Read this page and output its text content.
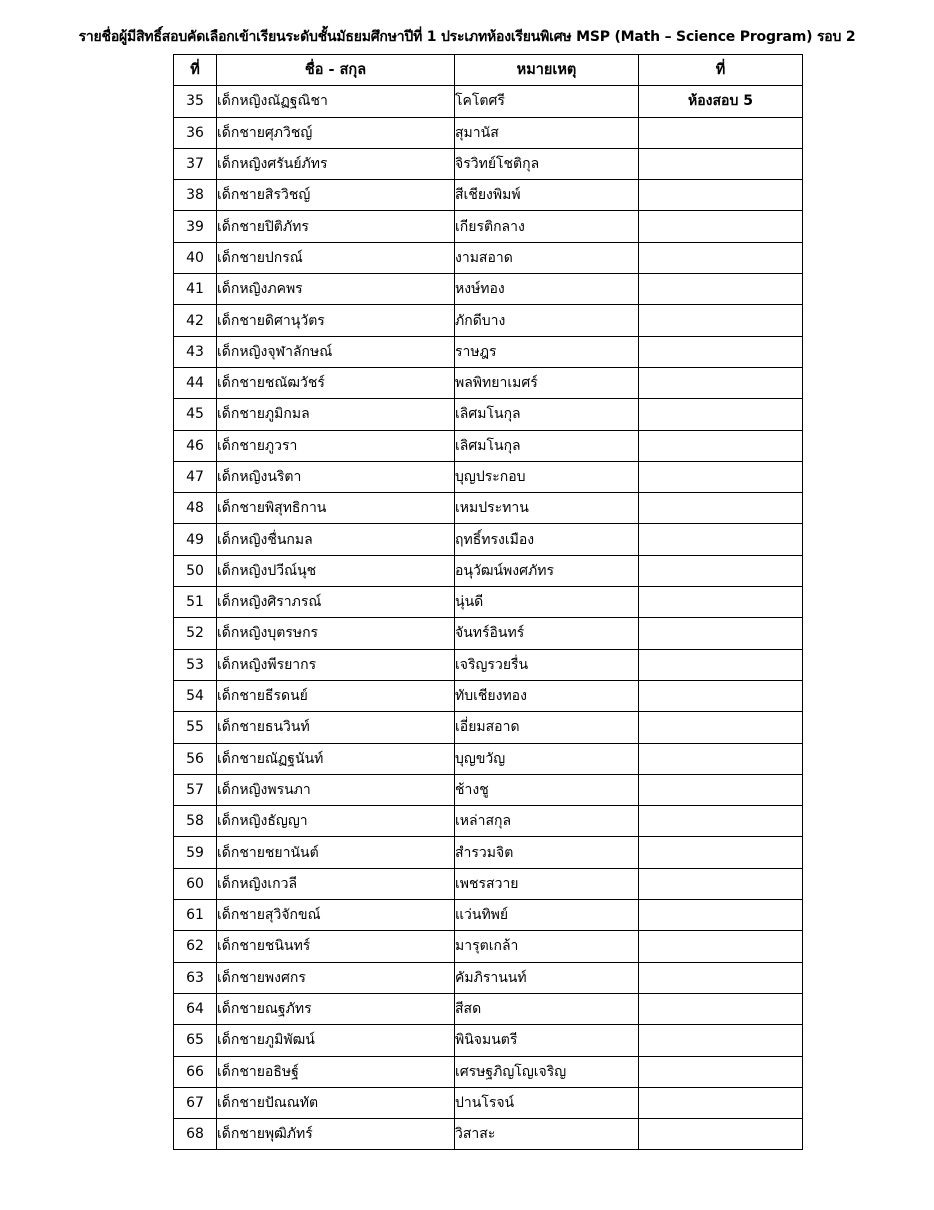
รายชื่อผู้มีสิทธิ์สอบคัดเลือกเข้าเรียนระดับชั้นมัธยมศึกษาปีที่ 1 ประเภทห้องเรียนพิเศษ MSP (Math – Science Program) รอบ 2
ที่	ชื่อ - สกุล	หมายเหตุ	ที่
35	เด็กหญิงณัฏฐณิชา	โคโตศรี	ห้องสอบ 5
36	เด็กชายศุภวิชญ์	สุมานัส	
37	เด็กหญิงศรันย์ภัทร	จิรวิทย์โชติกุล	
38	เด็กชายสิรวิชญ์	สีเชียงพิมพ์	
39	เด็กชายปิติภัทร	เกียรติกลาง	
40	เด็กชายปกรณ์	งามสอาด	
41	เด็กหญิงภคพร	หงษ์ทอง	
42	เด็กชายดิศานุวัตร	ภักดีบาง	
43	เด็กหญิงจุฬาลักษณ์	ราษฎร	
44	เด็กชายชณัฒวัชร์	พลพิทยาเมศร์	
45	เด็กชายภูมิกมล	เลิศมโนกุล	
46	เด็กชายภูวรา	เลิศมโนกุล	
47	เด็กหญิงนริตา	บุญประกอบ	
48	เด็กชายพิสุทธิกาน	เหมประทาน	
49	เด็กหญิงชื่นกมล	ฤทธิ์ทรงเมือง	
50	เด็กหญิงปวีณ์นุช	อนุวัฒน์พงศภัทร	
51	เด็กหญิงศิราภรณ์	นุ่นดี	
52	เด็กหญิงบุตรษกร	จันทร์อินทร์	
53	เด็กหญิงพีรยากร	เจริญรวยรื่น	
54	เด็กชายธีรดนย์	ทับเชียงทอง	
55	เด็กชายธนวินท์	เอี่ยมสอาด	
56	เด็กชายณัฏฐนันท์	บุญขวัญ	
57	เด็กหญิงพรนภา	ช้างชู	
58	เด็กหญิงธัญญา	เหล่าสกุล	
59	เด็กชายชยานันต์	สำรวมจิต	
60	เด็กหญิงเกวลี	เพชรสวาย	
61	เด็กชายสุวิจักขณ์	แว่นทิพย์	
62	เด็กชายชนินทร์	มารุตเกล้า	
63	เด็กชายพงศกร	คัมภิรานนท์	
64	เด็กชายณฐภัทร	สีสด	
65	เด็กชายภูมิพัฒน์	พินิจมนตรี	
66	เด็กชายอธิษฐ์	เศรษฐภิญโญเจริญ	
67	เด็กชายปัณณทัต	ปานโรจน์	
68	เด็กชายพุฒิภัทร์	วิสาสะ	
